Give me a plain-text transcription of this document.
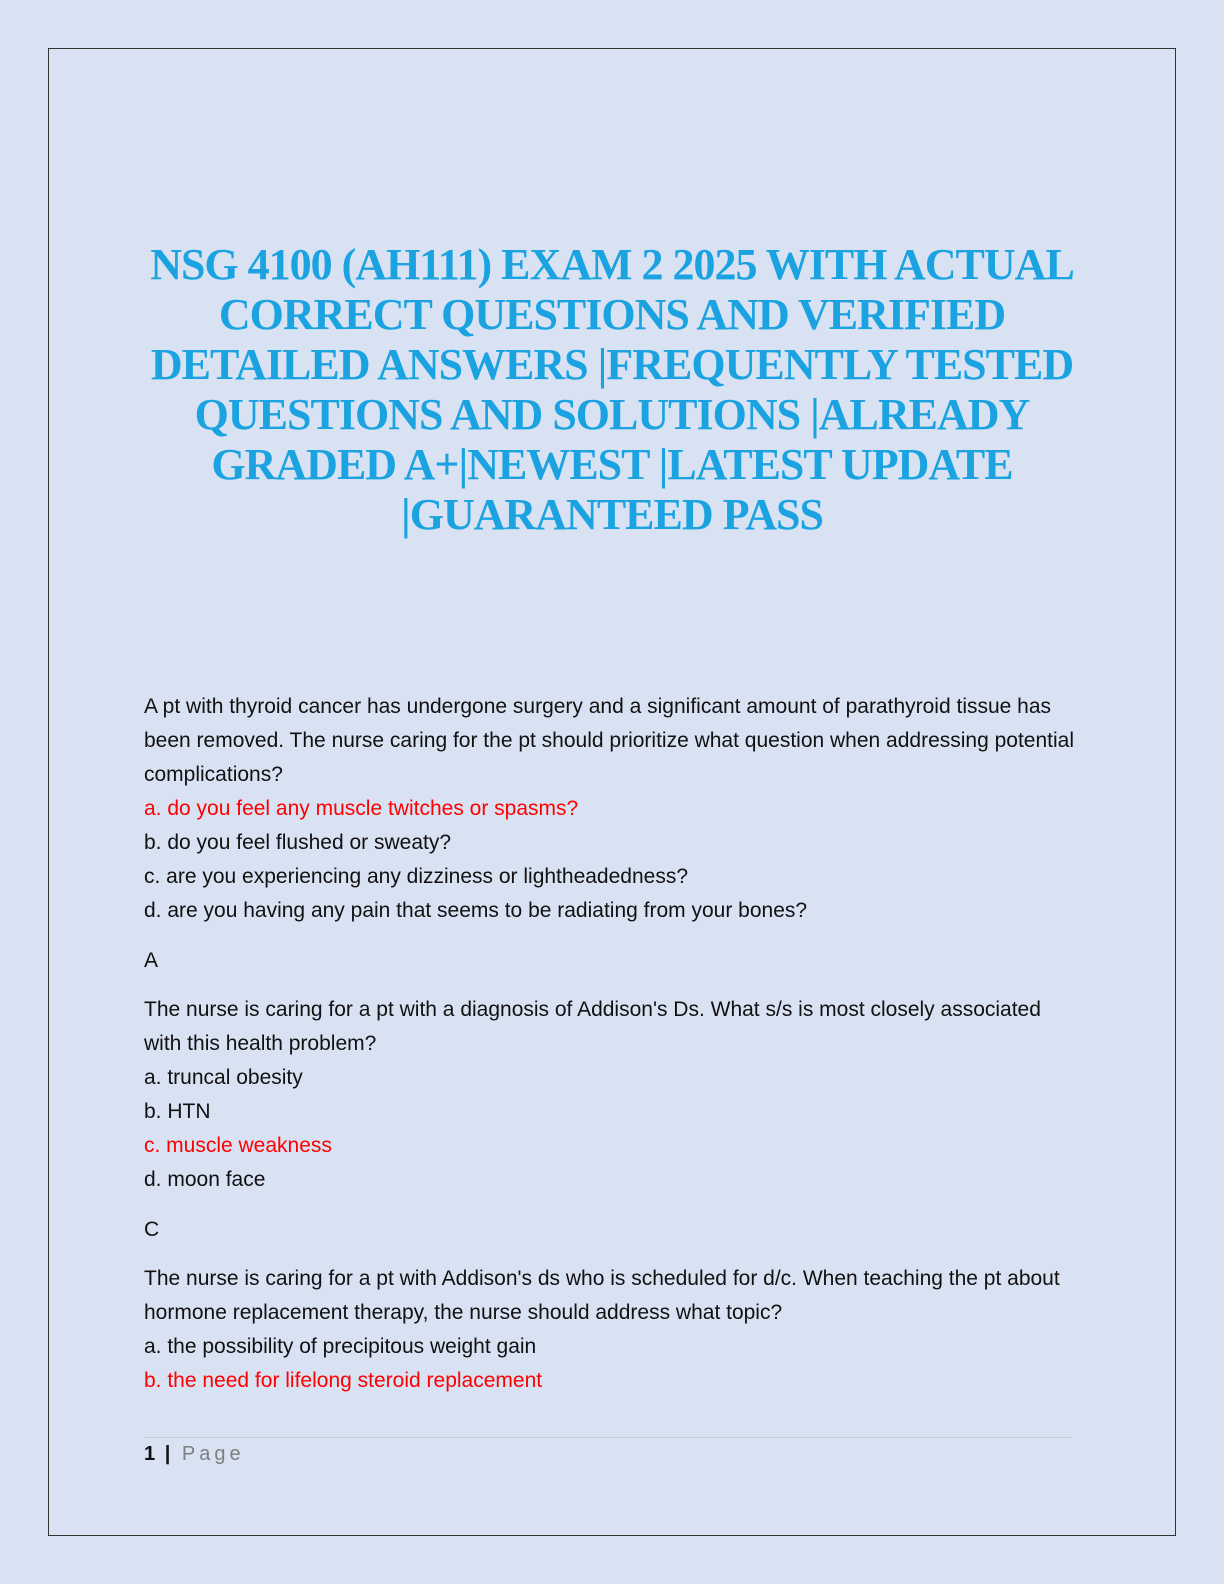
NSG 4100 (AH111) EXAM 2 2025 WITH ACTUAL CORRECT QUESTIONS AND VERIFIED DETAILED ANSWERS |FREQUENTLY TESTED QUESTIONS AND SOLUTIONS |ALREADY GRADED A+|NEWEST |LATEST UPDATE |GUARANTEED PASS

A pt with thyroid cancer has undergone surgery and a significant amount of parathyroid tissue has been removed. The nurse caring for the pt should prioritize what question when addressing potential complications?

a. do you feel any muscle twitches or spasms?
b. do you feel flushed or sweaty?
c. are you experiencing any dizziness or lightheadedness?
d. are you having any pain that seems to be radiating from your bones?

A

The nurse is caring for a pt with a diagnosis of Addison's Ds. What s/s is most closely associated with this health problem?

a. truncal obesity
b. HTN
c. muscle weakness
d. moon face

C

The nurse is caring for a pt with Addison's ds who is scheduled for d/c. When teaching the pt about hormone replacement therapy, the nurse should address what topic?

a. the possibility of precipitous weight gain
b. the need for lifelong steroid replacement
1 | Page
